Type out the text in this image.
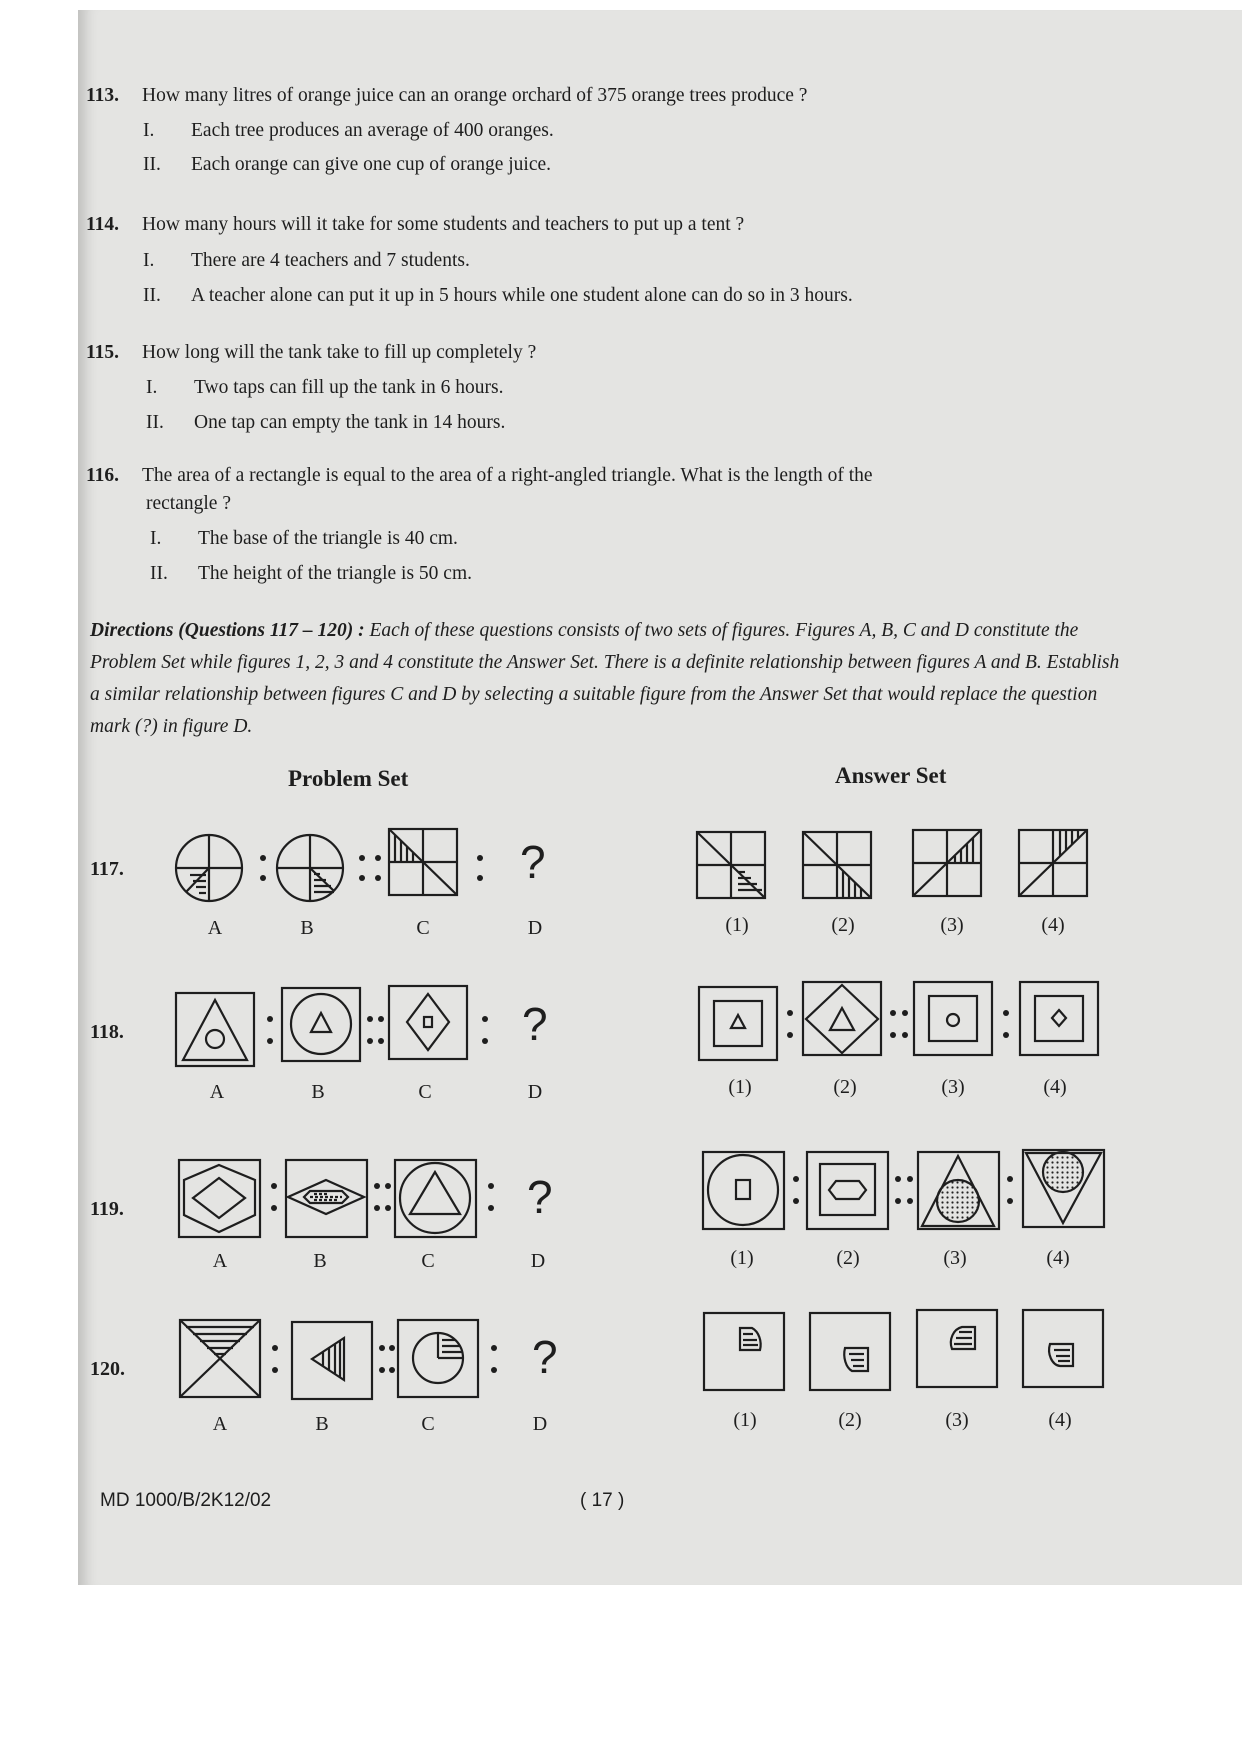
113. How many litres of orange juice can an orange orchard of 375 orange trees produce ?
I. Each tree produces an average of 400 oranges.
II. Each orange can give one cup of orange juice.
114. How many hours will it take for some students and teachers to put up a tent ?
I. There are 4 teachers and 7 students.
II. A teacher alone can put it up in 5 hours while one student alone can do so in 3 hours.
115. How long will the tank take to fill up completely ?
I. Two taps can fill up the tank in 6 hours.
II. One tap can empty the tank in 14 hours.
116. The area of a rectangle is equal to the area of a right-angled triangle. What is the length of the
rectangle ?
I. The base of the triangle is 40 cm.
II. The height of the triangle is 50 cm.
Directions (Questions 117 – 120) : Each of these questions consists of two sets of figures. Figures A, B, C and D constitute the Problem Set while figures 1, 2, 3 and 4 constitute the Answer Set. There is a definite relationship between figures A and B. Establish a similar relationship between figures C and D by selecting a suitable figure from the Answer Set that would replace the question mark (?) in figure D.
Problem Set	Answer Set
117.
118.
119.
120.
A	B	C	D	(1)	(2)	(3)	(4)
A	B	C	D	(1)	(2)	(3)	(4)
A	B	C	D	(1)	(2)	(3)	(4)
A	B	C	D	(1)	(2)	(3)	(4)
?
?
?
?
MD 1000/B/2K12/02	( 17 )
